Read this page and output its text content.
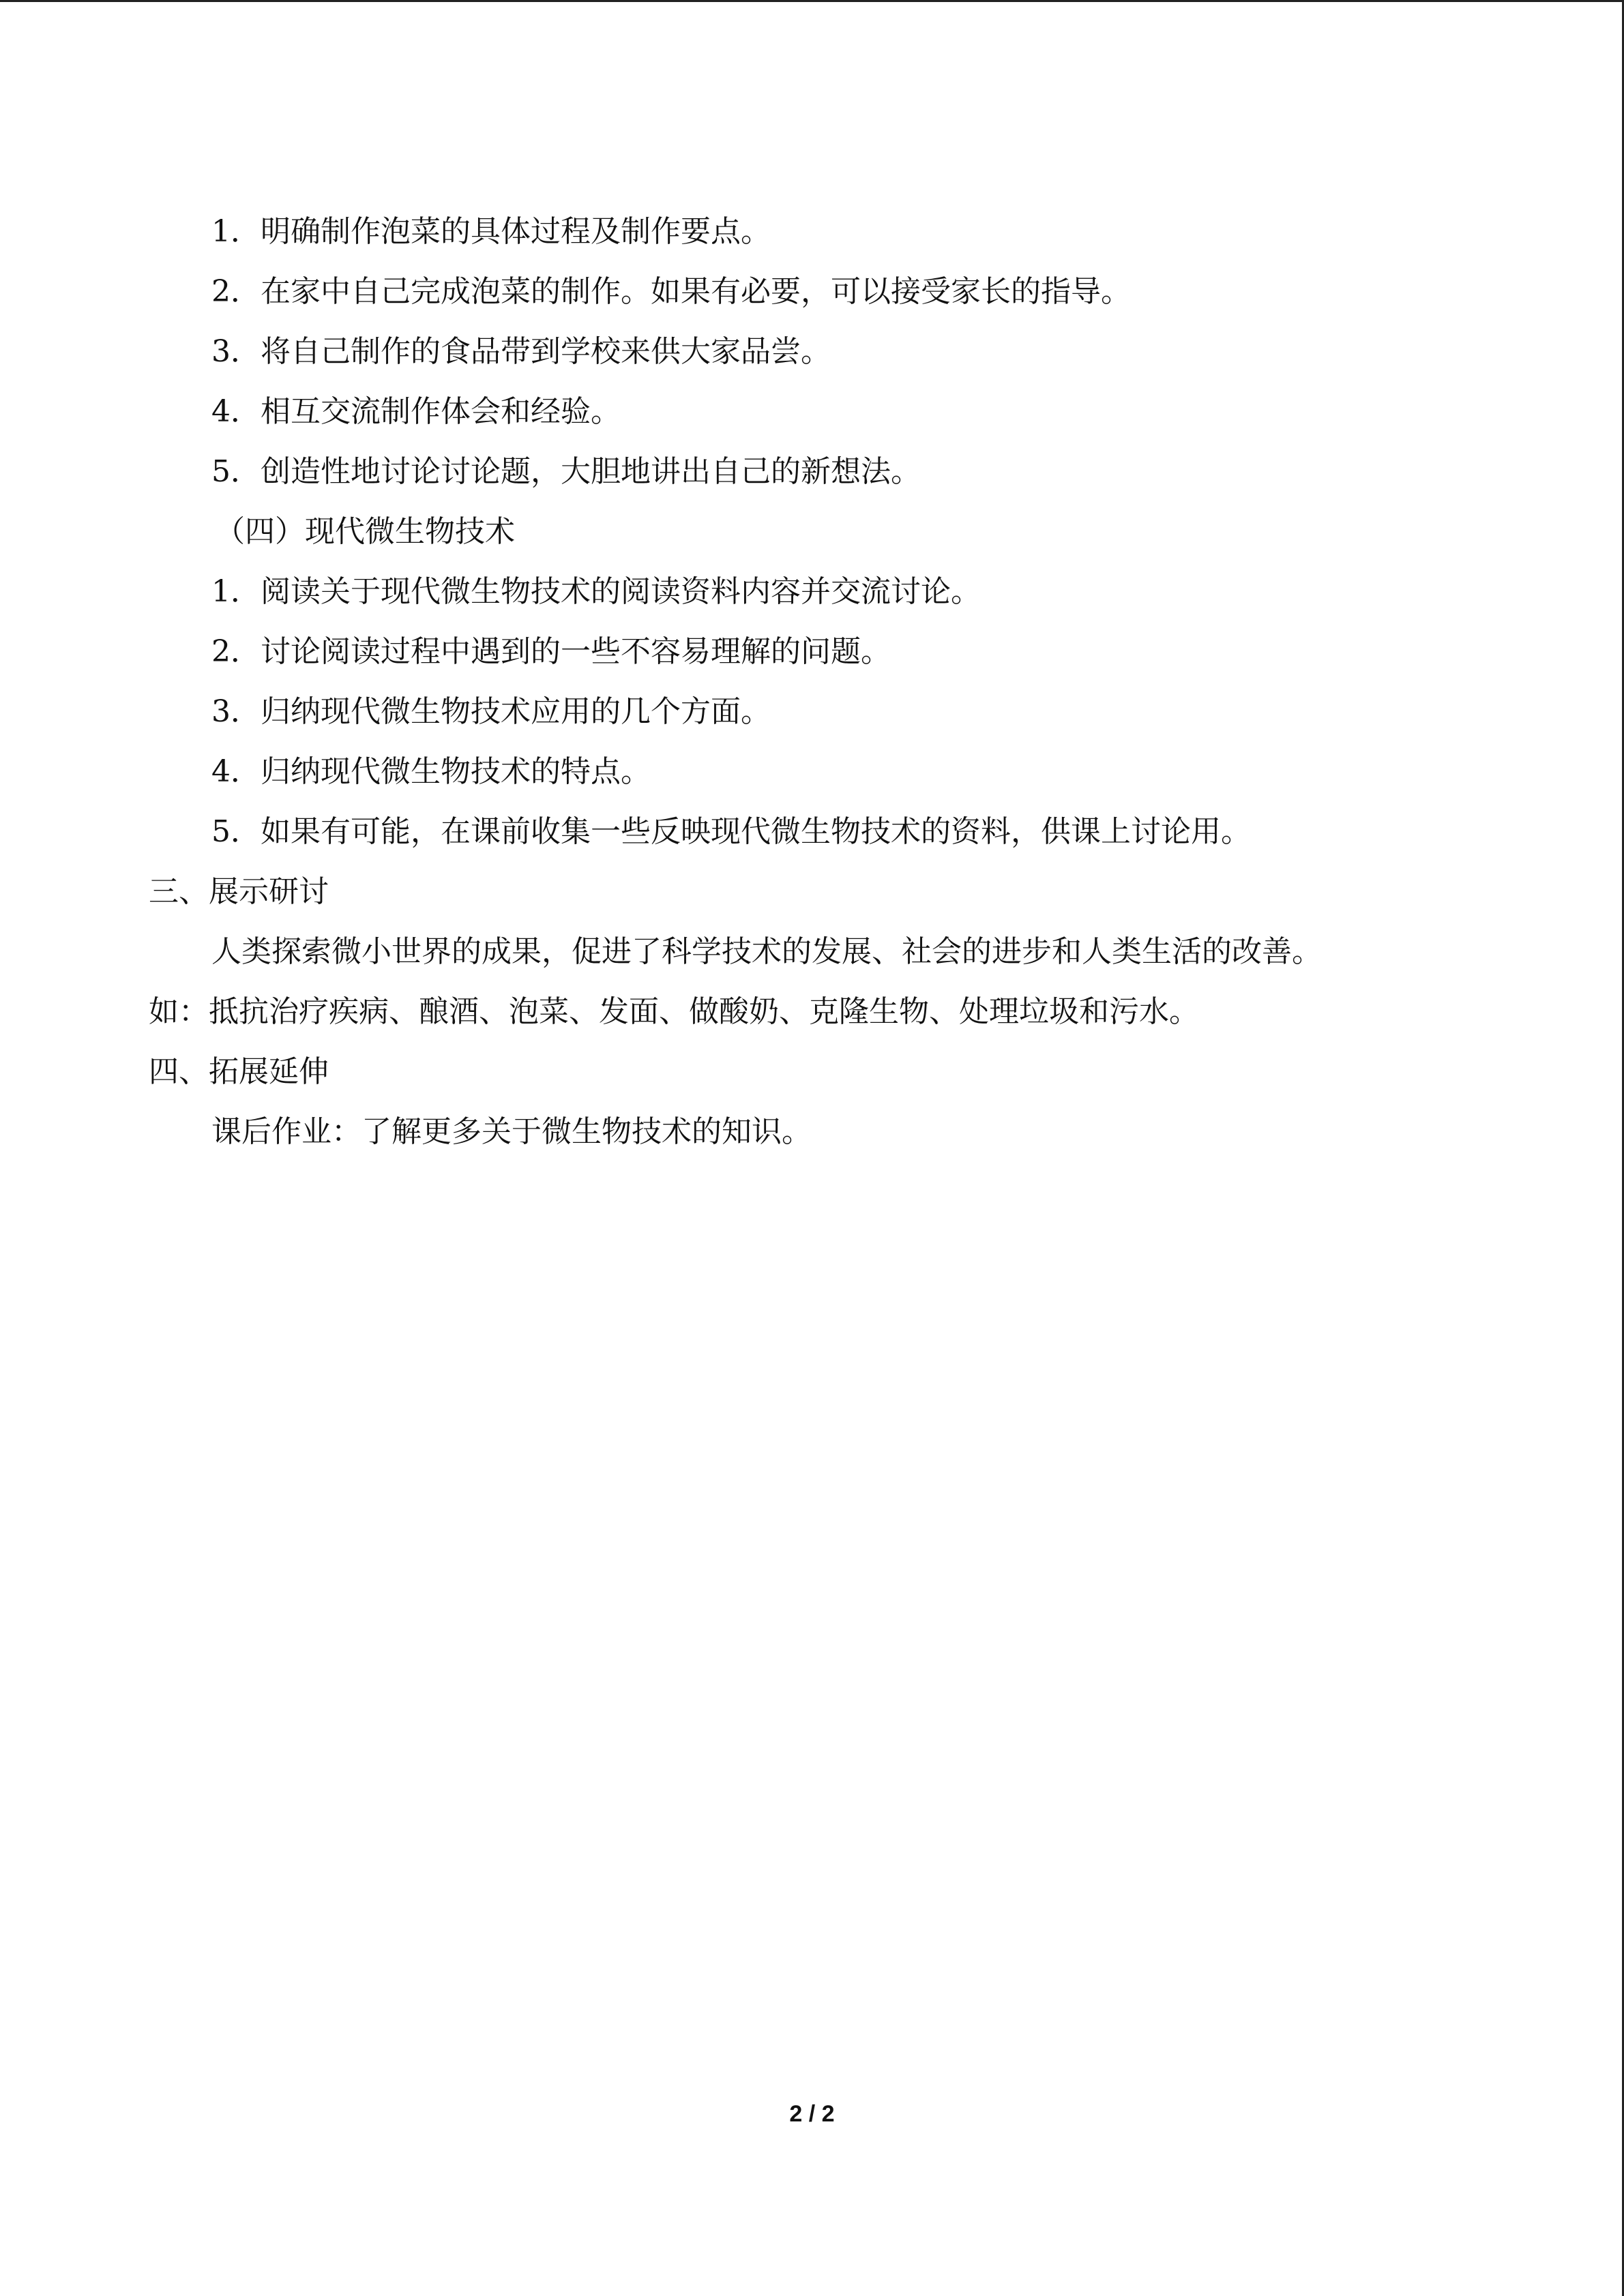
1．明确制作泡菜的具体过程及制作要点。
2．在家中自己完成泡菜的制作。如果有必要，可以接受家长的指导。
3．将自己制作的食品带到学校来供大家品尝。
4．相互交流制作体会和经验。
5．创造性地讨论讨论题，大胆地讲出自己的新想法。
（四）现代微生物技术
1．阅读关于现代微生物技术的阅读资料内容并交流讨论。
2．讨论阅读过程中遇到的一些不容易理解的问题。
3．归纳现代微生物技术应用的几个方面。
4．归纳现代微生物技术的特点。
5．如果有可能，在课前收集一些反映现代微生物技术的资料，供课上讨论用。
三、展示研讨
人类探索微小世界的成果，促进了科学技术的发展、社会的进步和人类生活的改善。
如：抵抗治疗疾病、酿酒、泡菜、发面、做酸奶、克隆生物、处理垃圾和污水。
四、拓展延伸
课后作业：了解更多关于微生物技术的知识。
2 / 2
